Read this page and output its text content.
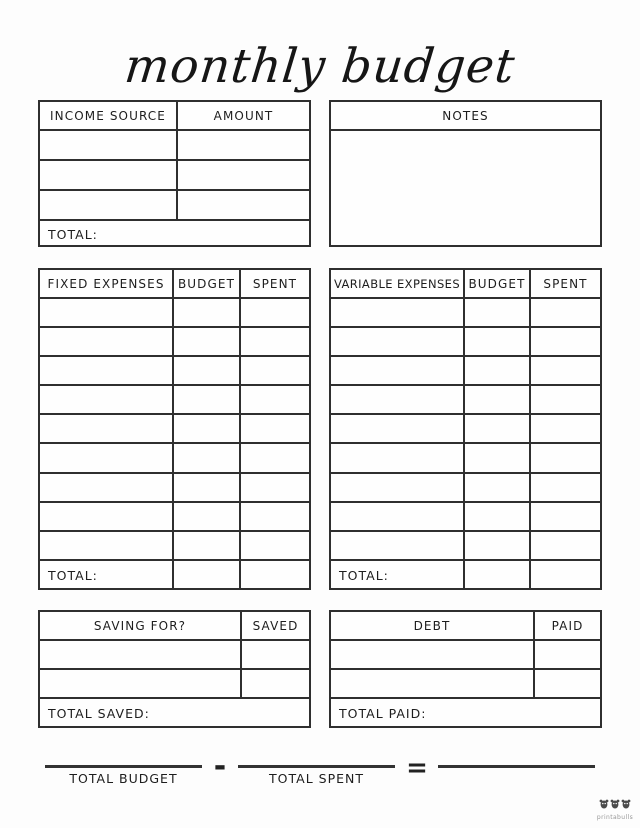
monthly budget
INCOME SOURCE	AMOUNT

TOTAL:	
NOTES

FIXED EXPENSES	BUDGET	SPENT

TOTAL:		
VARIABLE EXPENSES	BUDGET	SPENT

TOTAL:		
SAVING FOR?	SAVED

TOTAL SAVED:	
DEBT	PAID

TOTAL PAID:	
TOTAL BUDGET	-	TOTAL SPENT	=
printabulls
